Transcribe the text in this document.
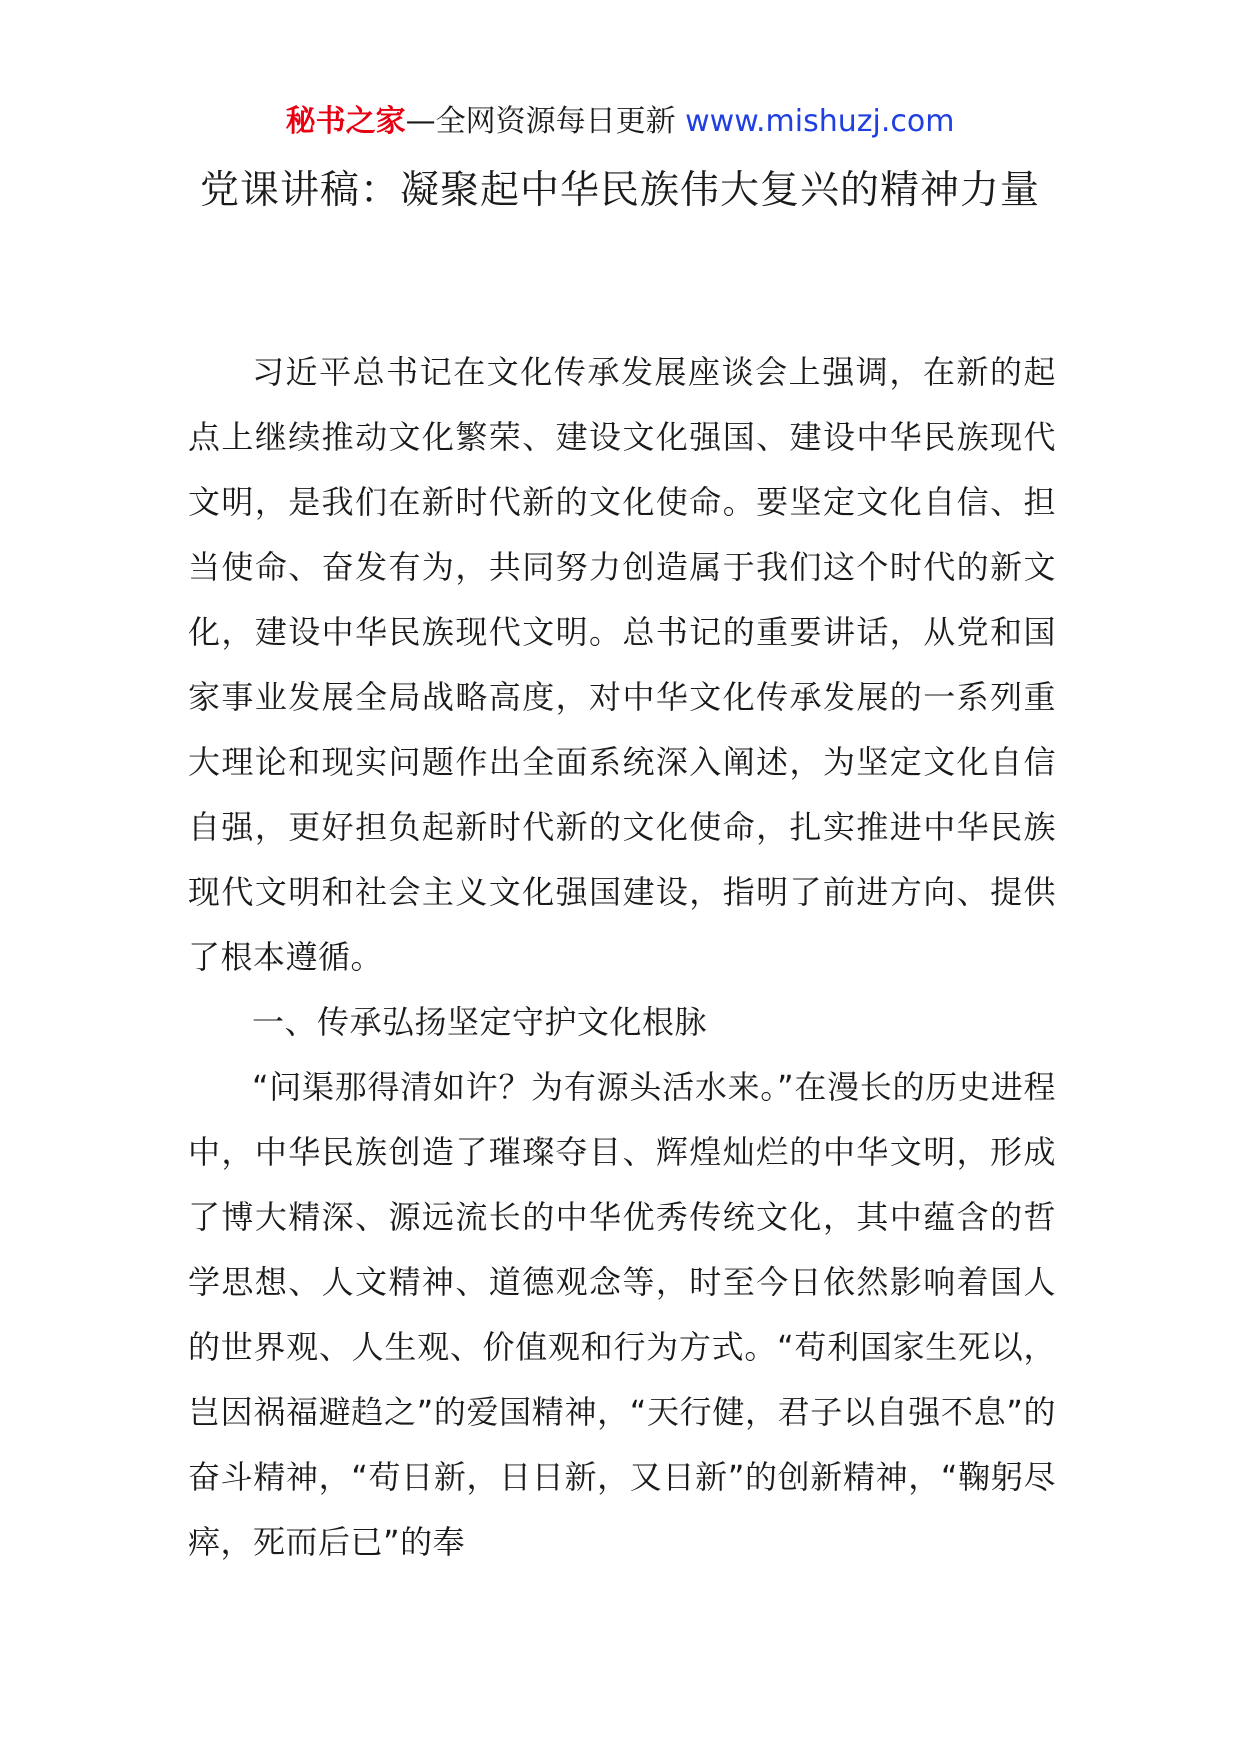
秘书之家—全网资源每日更新 www.mishuzj.com
党课讲稿：凝聚起中华民族伟大复兴的精神力量

习近平总书记在文化传承发展座谈会上强调，在新的起点上继续推动文化繁荣、建设文化强国、建设中华民族现代文明，是我们在新时代新的文化使命。要坚定文化自信、担当使命、奋发有为，共同努力创造属于我们这个时代的新文化，建设中华民族现代文明。总书记的重要讲话，从党和国家事业发展全局战略高度，对中华文化传承发展的一系列重大理论和现实问题作出全面系统深入阐述，为坚定文化自信自强，更好担负起新时代新的文化使命，扎实推进中华民族现代文明和社会主义文化强国建设，指明了前进方向、提供了根本遵循。

一、传承弘扬坚定守护文化根脉

“问渠那得清如许？为有源头活水来。”在漫长的历史进程中，中华民族创造了璀璨夺目、辉煌灿烂的中华文明，形成了博大精深、源远流长的中华优秀传统文化，其中蕴含的哲学思想、人文精神、道德观念等，时至今日依然影响着国人的世界观、人生观、价值观和行为方式。“苟利国家生死以，岂因祸福避趋之”的爱国精神，“天行健，君子以自强不息”的奋斗精神，“苟日新，日日新，又日新”的创新精神，“鞠躬尽瘁，死而后已”的奉
